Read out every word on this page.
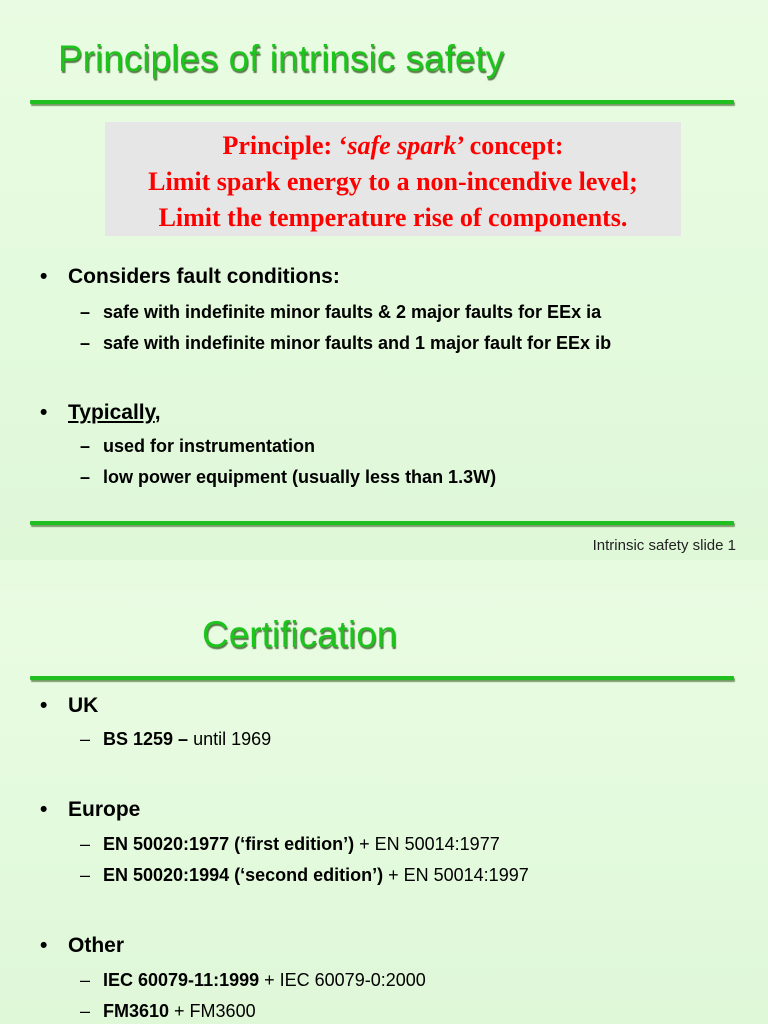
Principles of intrinsic safety
Principle: ‘safe spark’ concept:
Limit spark energy to a non-incendive level;
Limit the temperature rise of components.
• Considers fault conditions:
– safe with indefinite minor faults & 2 major faults for EEx ia
– safe with indefinite minor faults and 1 major fault for EEx ib
• Typically,
– used for instrumentation
– low power equipment (usually less than 1.3W)
Intrinsic safety slide 1
Certification
• UK
– BS 1259 – until 1969
• Europe
– EN 50020:1977 (‘first edition’) + EN 50014:1977
– EN 50020:1994 (‘second edition’) + EN 50014:1997
• Other
– IEC 60079-11:1999 + IEC 60079-0:2000
– FM3610 + FM3600
